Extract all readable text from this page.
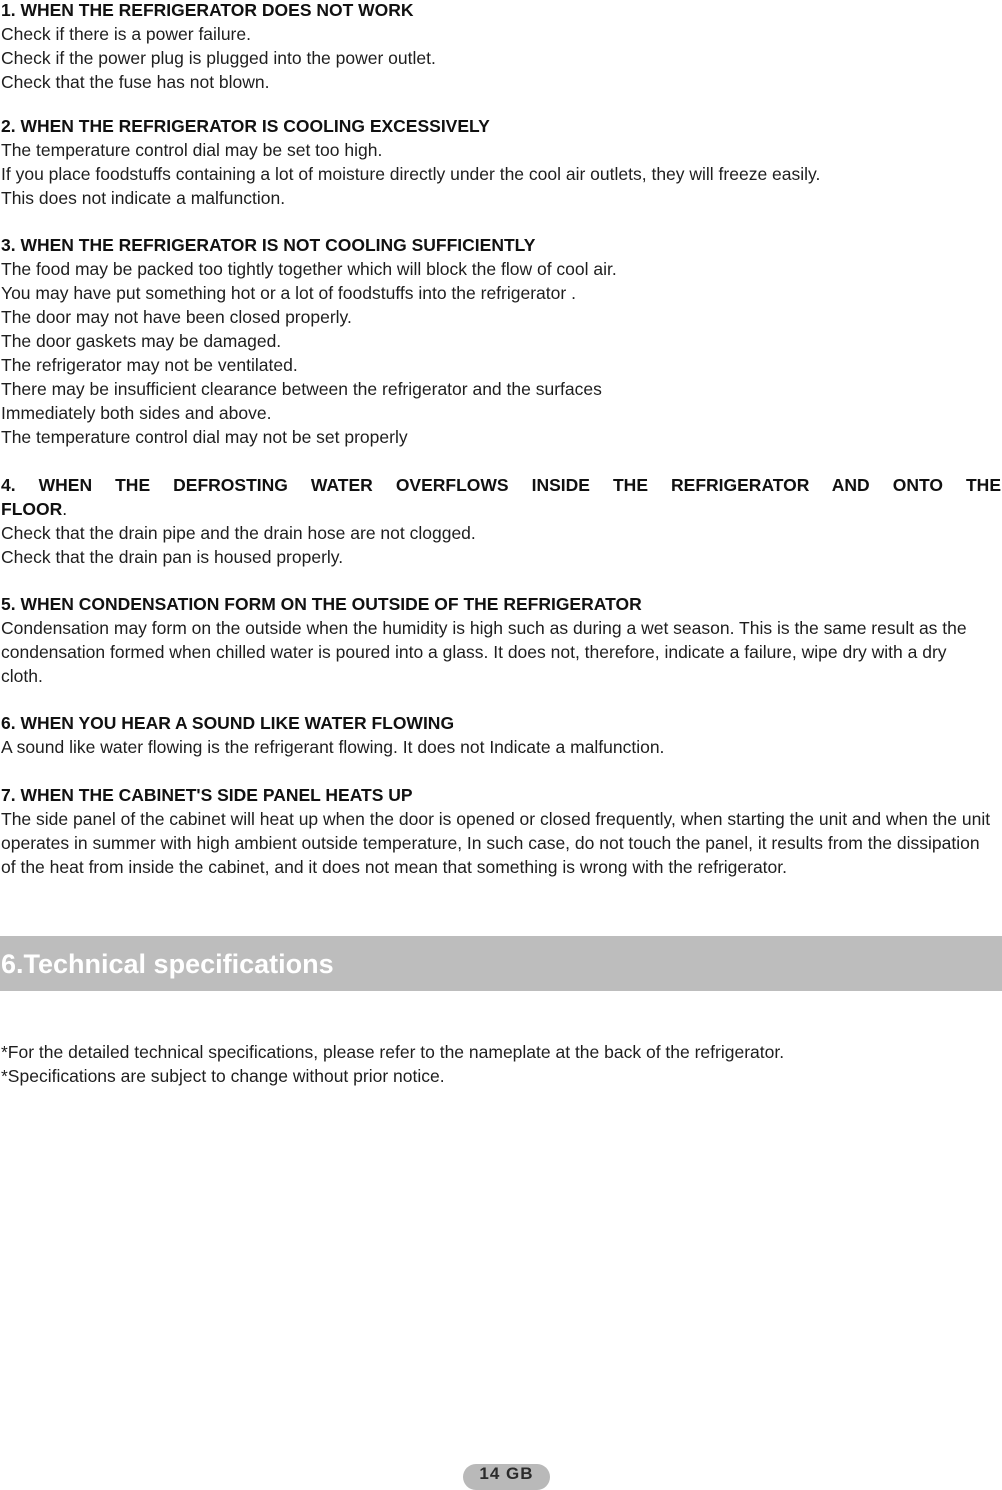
1. WHEN THE REFRIGERATOR DOES NOT WORK

Check if there is a power failure.

Check if the power plug is plugged into the power outlet.

Check that the fuse has not blown.

2. WHEN THE REFRIGERATOR IS COOLING EXCESSIVELY

The temperature control dial may be set too high.

If you place foodstuffs containing a lot of moisture directly under the cool air outlets, they will freeze easily.

This does not indicate a malfunction.

3. WHEN THE REFRIGERATOR IS NOT COOLING SUFFICIENTLY

The food may be packed too tightly together which will block the flow of cool air.

You may have put something hot or a lot of foodstuffs into the refrigerator .

The door may not have been closed properly.

The door gaskets may be damaged.

The refrigerator may not be ventilated.

There may be insufficient clearance between the refrigerator and the surfaces

Immediately both sides and above.

The temperature control dial may not be set properly

4. WHEN THE DEFROSTING WATER OVERFLOWS INSIDE THE REFRIGERATOR AND ONTO THE

FLOOR.

Check that the drain pipe and the drain hose are not clogged.

Check that the drain pan is housed properly.

5. WHEN CONDENSATION FORM ON THE OUTSIDE OF THE REFRIGERATOR

Condensation may form on the outside when the humidity is high such as during a wet season. This is the same result as the condensation formed when chilled water is poured into a glass. It does not, therefore, indicate a failure, wipe dry with a dry cloth.

6. WHEN YOU HEAR A SOUND LIKE WATER FLOWING

A sound like water flowing is the refrigerant flowing. It does not Indicate a malfunction.

7. WHEN THE CABINET'S SIDE PANEL HEATS UP

The side panel of the cabinet will heat up when the door is opened or closed frequently, when starting the unit and when the unit operates in summer with high ambient outside temperature, In such case, do not touch the panel, it results from the dissipation of the heat from inside the cabinet, and it does not mean that something is wrong with the refrigerator.

6.Technical specifications

*For the detailed technical specifications, please refer to the nameplate at the back of the refrigerator.

*Specifications are subject to change without prior notice.

14 GB
